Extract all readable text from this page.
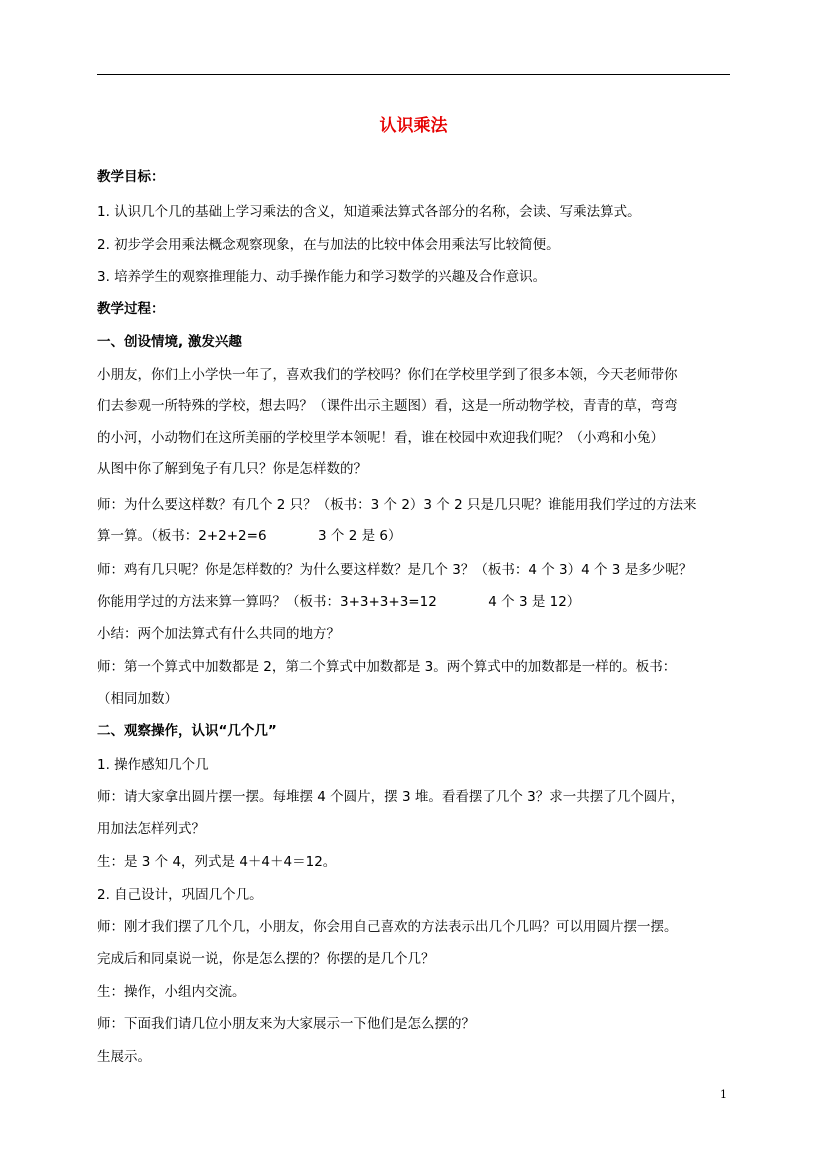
认识乘法
教学目标：
1. 认识几个几的基础上学习乘法的含义，知道乘法算式各部分的名称，会读、写乘法算式。
2. 初步学会用乘法概念观察现象，在与加法的比较中体会用乘法写比较简便。
3. 培养学生的观察推理能力、动手操作能力和学习数学的兴趣及合作意识。
教学过程：
一、创设情境, 激发兴趣
小朋友，你们上小学快一年了，喜欢我们的学校吗？你们在学校里学到了很多本领，今天老师带你
们去参观一所特殊的学校，想去吗？（课件出示主题图）看，这是一所动物学校，青青的草，弯弯
的小河，小动物们在这所美丽的学校里学本领呢！看，谁在校园中欢迎我们呢？（小鸡和小兔）
从图中你了解到兔子有几只？你是怎样数的？
师：为什么要这样数？有几个 2 只？（板书：3 个 2）3 个 2 只是几只呢？谁能用我们学过的方法来
算一算。（板书：2+2+2=6            3 个 2 是 6）
师：鸡有几只呢？你是怎样数的？为什么要这样数？是几个 3？（板书：4 个 3）4 个 3 是多少呢？
你能用学过的方法来算一算吗？（板书：3+3+3+3=12            4 个 3 是 12）
小结：两个加法算式有什么共同的地方？
师：第一个算式中加数都是 2，第二个算式中加数都是 3。两个算式中的加数都是一样的。板书：
（相同加数）
二、观察操作，认识“几个几”
1. 操作感知几个几
师：请大家拿出圆片摆一摆。每堆摆 4 个圆片，摆 3 堆。看看摆了几个 3？求一共摆了几个圆片，
用加法怎样列式？
生：是 3 个 4，列式是 4＋4＋4＝12。
2. 自己设计，巩固几个几。
师：刚才我们摆了几个几，小朋友，你会用自己喜欢的方法表示出几个几吗？可以用圆片摆一摆。
完成后和同桌说一说，你是怎么摆的？你摆的是几个几？
生：操作，小组内交流。
师：下面我们请几位小朋友来为大家展示一下他们是怎么摆的？
生展示。
1
